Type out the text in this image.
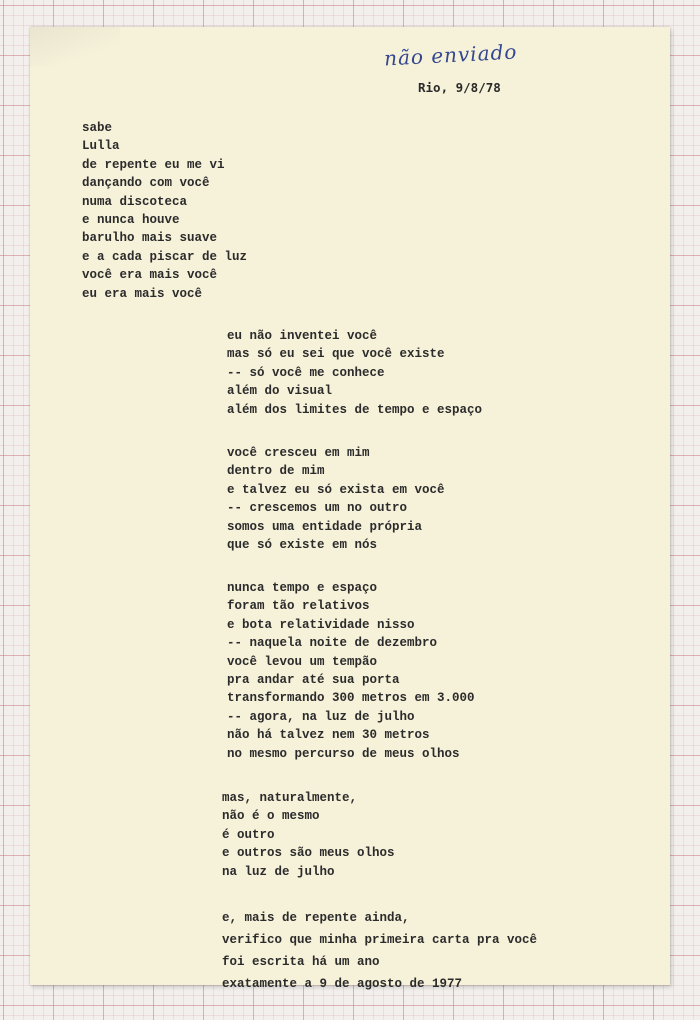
não enviado

Rio, 9/8/78

sabe
Lulla
de repente eu me vi
dançando com você
numa discoteca
e nunca houve
barulho mais suave
e a cada piscar de luz
você era mais você
eu era mais você
eu não inventei você
mas só eu sei que você existe
-- só você me conhece
além do visual
além dos limites de tempo e espaço
você cresceu em mim
dentro de mim
e talvez eu só exista em você
-- crescemos um no outro
somos uma entidade própria
que só existe em nós
nunca tempo e espaço
foram tão relativos
e bota relatividade nisso
-- naquela noite de dezembro
você levou um tempão
pra andar até sua porta
transformando 300 metros em 3.000
-- agora, na luz de julho
não há talvez nem 30 metros
no mesmo percurso de meus olhos
mas, naturalmente,
não é o mesmo
é outro
e outros são meus olhos
na luz de julho
e, mais de repente ainda,
verifico que minha primeira carta pra você
foi escrita há um ano
exatamente a 9 de agosto de 1977
